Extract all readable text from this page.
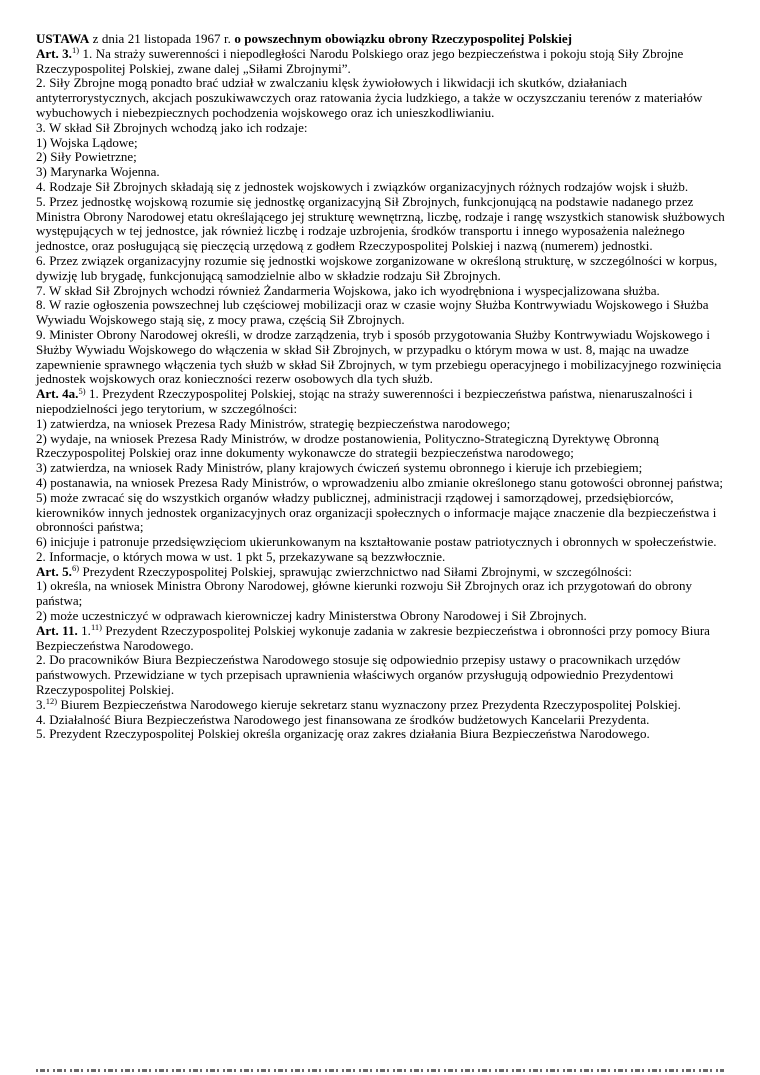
USTAWA z dnia 21 listopada 1967 r. o powszechnym obowiązku obrony Rzeczypospolitej Polskiej
Art. 3.$^{1)}$ 1. Na straży suwerenności i niepodległości Narodu Polskiego oraz jego bezpieczeństwa i pokoju stoją Siły Zbrojne Rzeczypospolitej Polskiej, zwane dalej „Siłami Zbrojnymi”.
2. Siły Zbrojne mogą ponadto brać udział w zwalczaniu klęsk żywiołowych i likwidacji ich skutków, działaniach antyterrorystycznych, akcjach poszukiwawczych oraz ratowania życia ludzkiego, a także w oczyszczaniu terenów z materiałów wybuchowych i niebezpiecznych pochodzenia wojskowego oraz ich unieszkodliwianiu.
3. W skład Sił Zbrojnych wchodzą jako ich rodzaje:
1) Wojska Lądowe;
2) Siły Powietrzne;
3) Marynarka Wojenna.
4. Rodzaje Sił Zbrojnych składają się z jednostek wojskowych i związków organizacyjnych różnych rodzajów wojsk i służb.
5. Przez jednostkę wojskową rozumie się jednostkę organizacyjną Sił Zbrojnych, funkcjonującą na podstawie nadanego przez Ministra Obrony Narodowej etatu określającego jej strukturę wewnętrzną, liczbę, rodzaje i rangę wszystkich stanowisk służbowych występujących w tej jednostce, jak również liczbę i rodzaje uzbrojenia, środków transportu i innego wyposażenia należnego jednostce, oraz posługującą się pieczęcią urzędową z godłem Rzeczypospolitej Polskiej i nazwą (numerem) jednostki.
6. Przez związek organizacyjny rozumie się jednostki wojskowe zorganizowane w określoną strukturę, w szczególności w korpus, dywizję lub brygadę, funkcjonującą samodzielnie albo w składzie rodzaju Sił Zbrojnych.
7. W skład Sił Zbrojnych wchodzi również Żandarmeria Wojskowa, jako ich wyodrębniona i wyspecjalizowana służba.
8. W razie ogłoszenia powszechnej lub częściowej mobilizacji oraz w czasie wojny Służba Kontrwywiadu Wojskowego i Służba Wywiadu Wojskowego stają się, z mocy prawa, częścią Sił Zbrojnych.
9. Minister Obrony Narodowej określi, w drodze zarządzenia, tryb i sposób przygotowania Służby Kontrwywiadu Wojskowego i Służby Wywiadu Wojskowego do włączenia w skład Sił Zbrojnych, w przypadku o którym mowa w ust. 8, mając na uwadze zapewnienie sprawnego włączenia tych służb w skład Sił Zbrojnych, w tym przebiegu operacyjnego i mobilizacyjnego rozwinięcia jednostek wojskowych oraz konieczności rezerw osobowych dla tych służb.
Art. 4a.$^{5)}$ 1. Prezydent Rzeczypospolitej Polskiej, stojąc na straży suwerenności i bezpieczeństwa państwa, nienaruszalności i niepodzielności jego terytorium, w szczególności:
1) zatwierdza, na wniosek Prezesa Rady Ministrów, strategię bezpieczeństwa narodowego;
2) wydaje, na wniosek Prezesa Rady Ministrów, w drodze postanowienia, Polityczno-Strategiczną Dyrektywę Obronną Rzeczypospolitej Polskiej oraz inne dokumenty wykonawcze do strategii bezpieczeństwa narodowego;
3) zatwierdza, na wniosek Rady Ministrów, plany krajowych ćwiczeń systemu obronnego i kieruje ich przebiegiem;
4) postanawia, na wniosek Prezesa Rady Ministrów, o wprowadzeniu albo zmianie określonego stanu gotowości obronnej państwa;
5) może zwracać się do wszystkich organów władzy publicznej, administracji rządowej i samorządowej, przedsiębiorców, kierowników innych jednostek organizacyjnych oraz organizacji społecznych o informacje mające znaczenie dla bezpieczeństwa i obronności państwa;
6) inicjuje i patronuje przedsięwzięciom ukierunkowanym na kształtowanie postaw patriotycznych i obronnych w społeczeństwie.
2. Informacje, o których mowa w ust. 1 pkt 5, przekazywane są bezzwłocznie.
Art. 5.$^{6)}$ Prezydent Rzeczypospolitej Polskiej, sprawując zwierzchnictwo nad Siłami Zbrojnymi, w szczególności:
1) określa, na wniosek Ministra Obrony Narodowej, główne kierunki rozwoju Sił Zbrojnych oraz ich przygotowań do obrony państwa;
2) może uczestniczyć w odprawach kierowniczej kadry Ministerstwa Obrony Narodowej i Sił Zbrojnych.
Art. 11. 1.$^{11)}$ Prezydent Rzeczypospolitej Polskiej wykonuje zadania w zakresie bezpieczeństwa i obronności przy pomocy Biura Bezpieczeństwa Narodowego.
2. Do pracowników Biura Bezpieczeństwa Narodowego stosuje się odpowiednio przepisy ustawy o pracownikach urzędów państwowych. Przewidziane w tych przepisach uprawnienia właściwych organów przysługują odpowiednio Prezydentowi Rzeczypospolitej Polskiej.
3.$^{12)}$ Biurem Bezpieczeństwa Narodowego kieruje sekretarz stanu wyznaczony przez Prezydenta Rzeczypospolitej Polskiej.
4. Działalność Biura Bezpieczeństwa Narodowego jest finansowana ze środków budżetowych Kancelarii Prezydenta.
5. Prezydent Rzeczypospolitej Polskiej określa organizację oraz zakres działania Biura Bezpieczeństwa Narodowego.
